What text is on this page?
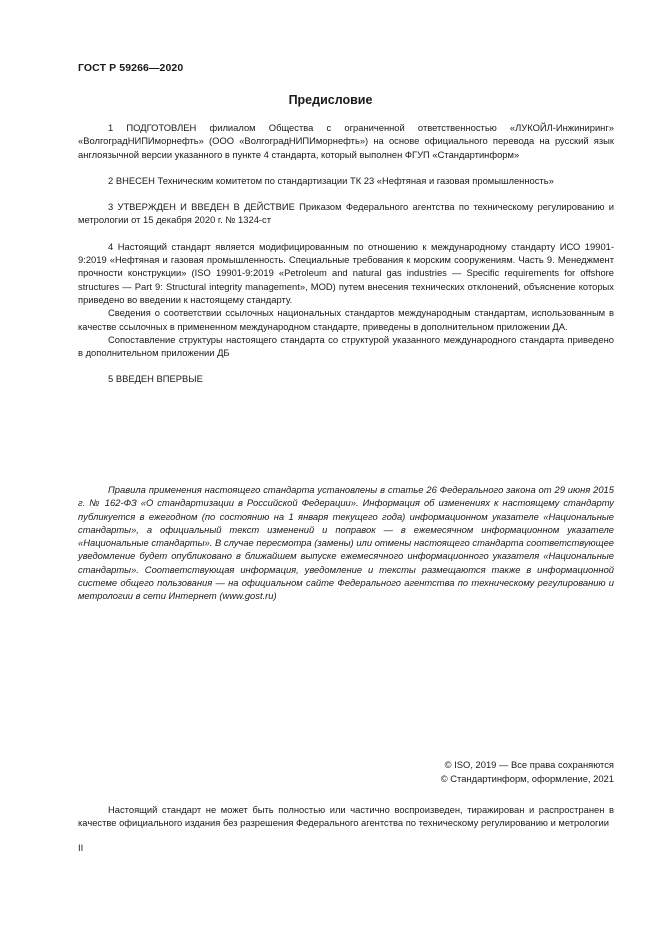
ГОСТ Р 59266—2020
Предисловие

1 ПОДГОТОВЛЕН филиалом Общества с ограниченной ответственностью «ЛУКОЙЛ-Инжиниринг» «ВолгоградНИПИморнефть» (ООО «ВолгоградНИПИморнефть») на основе официального перевода на русский язык англоязычной версии указанного в пункте 4 стандарта, который выполнен ФГУП «Стандартинформ»

2 ВНЕСЕН Техническим комитетом по стандартизации ТК 23 «Нефтяная и газовая промышленность»

3 УТВЕРЖДЕН И ВВЕДЕН В ДЕЙСТВИЕ Приказом Федерального агентства по техническому регулированию и метрологии от 15 декабря 2020 г. № 1324-ст

4 Настоящий стандарт является модифицированным по отношению к международному стандарту ИСО 19901-9:2019 «Нефтяная и газовая промышленность. Специальные требования к морским сооружениям. Часть 9. Менеджмент прочности конструкции» (ISO 19901-9:2019 «Petroleum and natural gas industries — Specific requirements for offshore structures — Part 9: Structural integrity management», MOD) путем внесения технических отклонений, объяснение которых приведено во введении к настоящему стандарту.

Сведения о соответствии ссылочных национальных стандартов международным стандартам, использованным в качестве ссылочных в примененном международном стандарте, приведены в дополнительном приложении ДА.

Сопоставление структуры настоящего стандарта со структурой указанного международного стандарта приведено в дополнительном приложении ДБ

5 ВВЕДЕН ВПЕРВЫЕ

Правила применения настоящего стандарта установлены в статье 26 Федерального закона от 29 июня 2015 г. № 162-ФЗ «О стандартизации в Российской Федерации». Информация об изменениях к настоящему стандарту публикуется в ежегодном (по состоянию на 1 января текущего года) информационном указателе «Национальные стандарты», а официальный текст изменений и поправок — в ежемесячном информационном указателе «Национальные стандарты». В случае пересмотра (замены) или отмены настоящего стандарта соответствующее уведомление будет опубликовано в ближайшем выпуске ежемесячного информационного указателя «Национальные стандарты». Соответствующая информация, уведомление и тексты размещаются также в информационной системе общего пользования — на официальном сайте Федерального агентства по техническому регулированию и метрологии в сети Интернет (www.gost.ru)

© ISO, 2019 — Все права сохраняются
© Стандартинформ, оформление, 2021

Настоящий стандарт не может быть полностью или частично воспроизведен, тиражирован и распространен в качестве официального издания без разрешения Федерального агентства по техническому регулированию и метрологии

II
